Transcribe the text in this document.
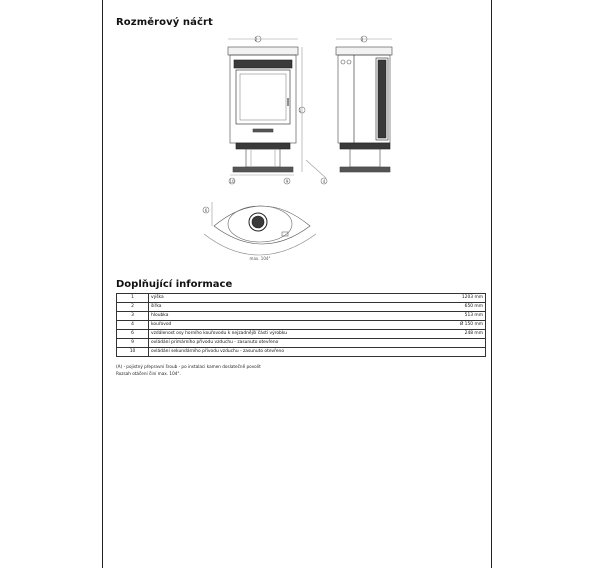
Rozměrový náčrt
2	3
1
10	9	4
6
max. 104°
Doplňující informace
1	výška	1203 mm
2	šířka	650 mm
3	hloubka	513 mm
4	kouřovod	Ø 150 mm
6	vzdálenost osy horního kouřovodu k nejzadnější části výrobku	248 mm
9	ovládání primárního přívodu vzduchu - zasunuto otevřeno	
10	ovládání sekundárního přívodu vzduchu - zasunuto otevřeno	
(A) - pojistný přepravní šroub - po instalaci kamen doslatečně povolit
Rozsah otáčení činí max. 104°.
